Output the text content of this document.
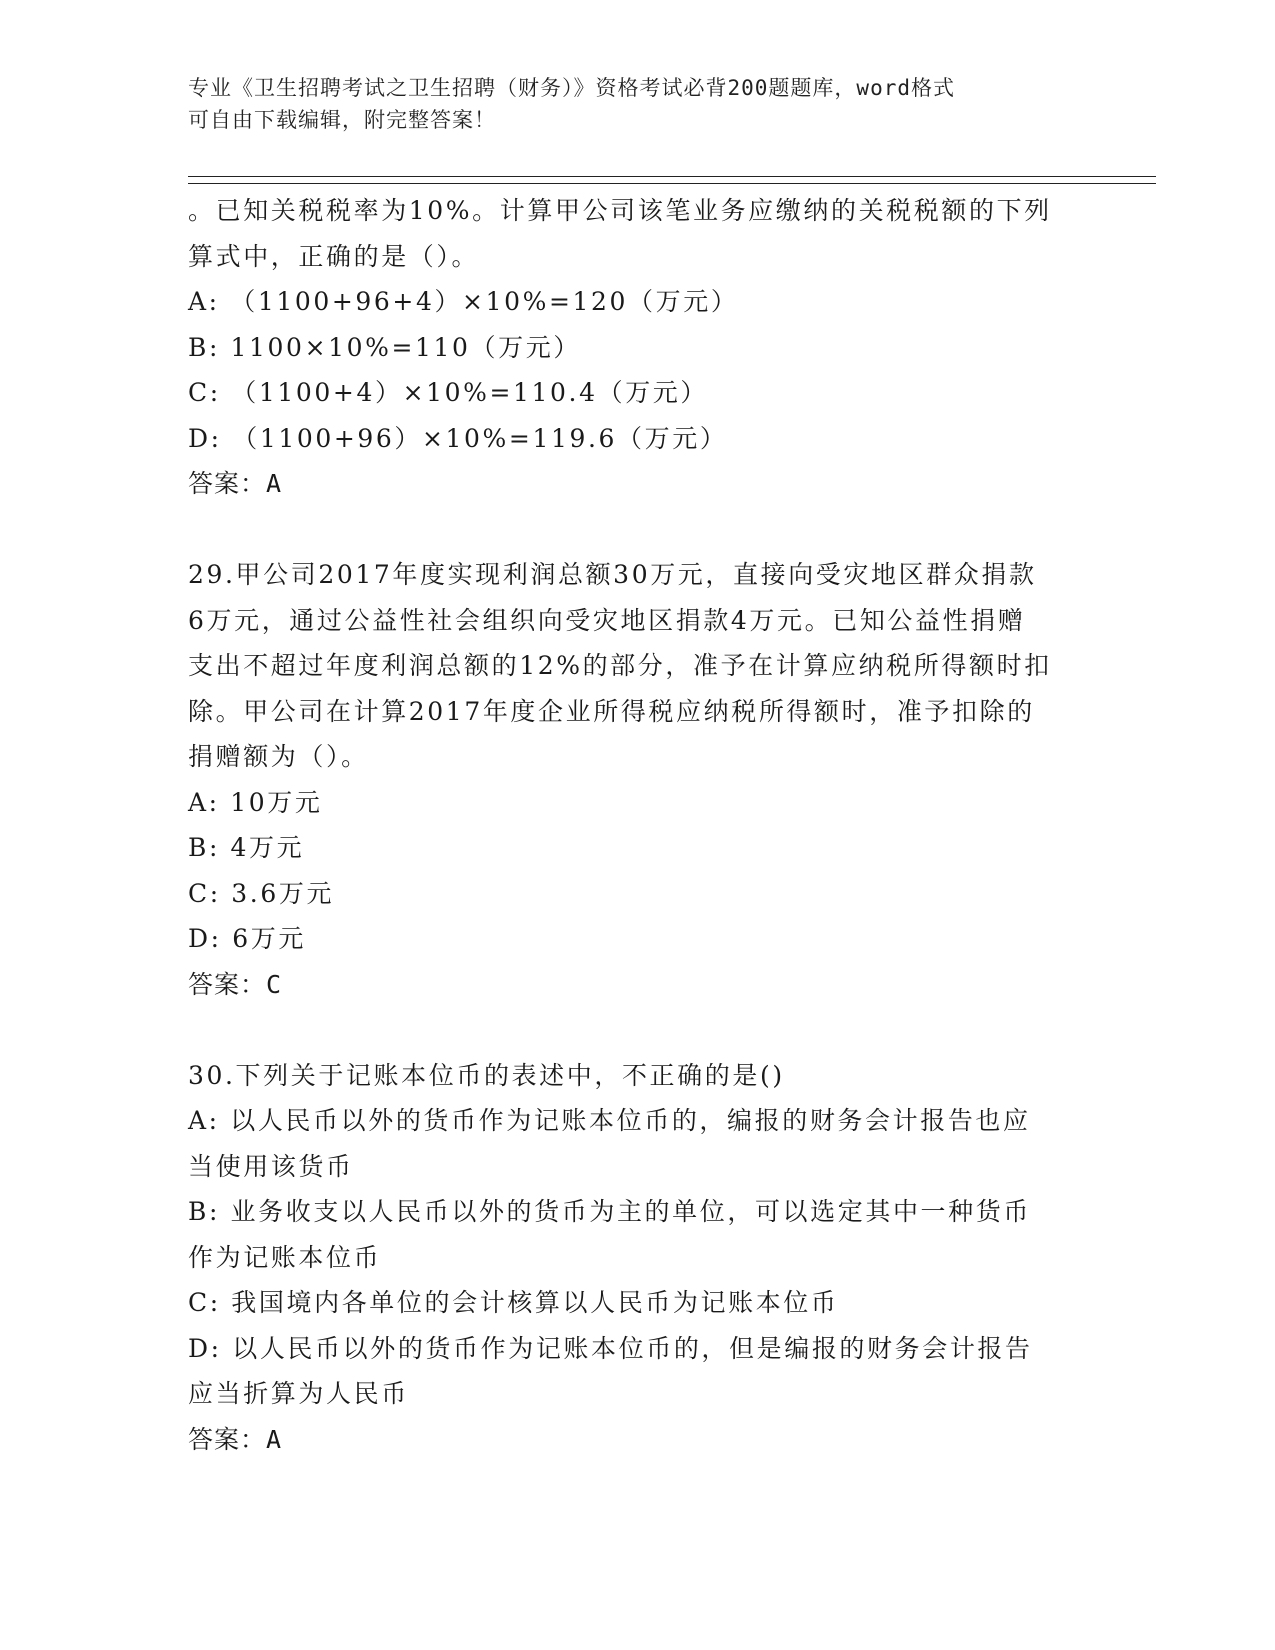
专业《卫生招聘考试之卫生招聘（财务）》资格考试必背200题题库，word格式
可自由下载编辑，附完整答案！

。已知关税税率为10%。计算甲公司该笔业务应缴纳的关税税额的下列

算式中，正确的是（）。

A: （1100+96+4）×10%=120（万元）

B: 1100×10%=110（万元）

C: （1100+4）×10%=110.4（万元）

D: （1100+96）×10%=119.6（万元）

答案：A

29.甲公司2017年度实现利润总额30万元，直接向受灾地区群众捐款

6万元，通过公益性社会组织向受灾地区捐款4万元。已知公益性捐赠

支出不超过年度利润总额的12%的部分，准予在计算应纳税所得额时扣

除。甲公司在计算2017年度企业所得税应纳税所得额时，准予扣除的

捐赠额为（）。

A: 10万元

B: 4万元

C: 3.6万元

D: 6万元

答案：C

30.下列关于记账本位币的表述中，不正确的是()

A: 以人民币以外的货币作为记账本位币的，编报的财务会计报告也应

当使用该货币

B: 业务收支以人民币以外的货币为主的单位，可以选定其中一种货币

作为记账本位币

C: 我国境内各单位的会计核算以人民币为记账本位币

D: 以人民币以外的货币作为记账本位币的，但是编报的财务会计报告

应当折算为人民币

答案：A
